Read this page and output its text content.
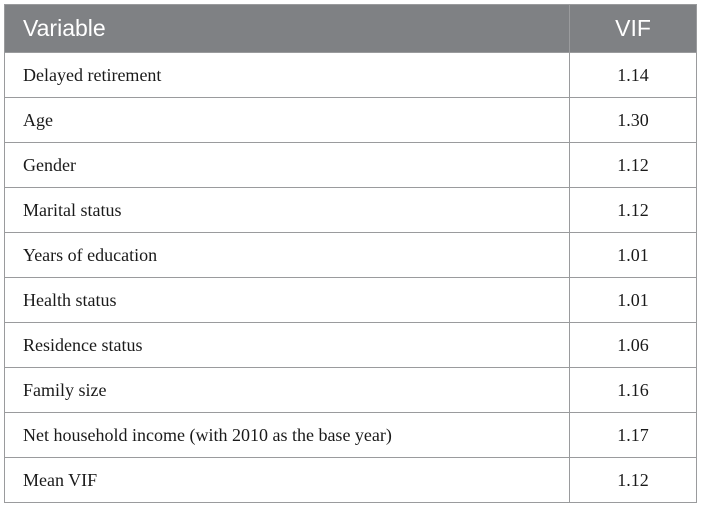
Variable	VIF
Delayed retirement	1.14
Age	1.30
Gender	1.12
Marital status	1.12
Years of education	1.01
Health status	1.01
Residence status	1.06
Family size	1.16
Net household income (with 2010 as the base year)	1.17
Mean VIF	1.12
